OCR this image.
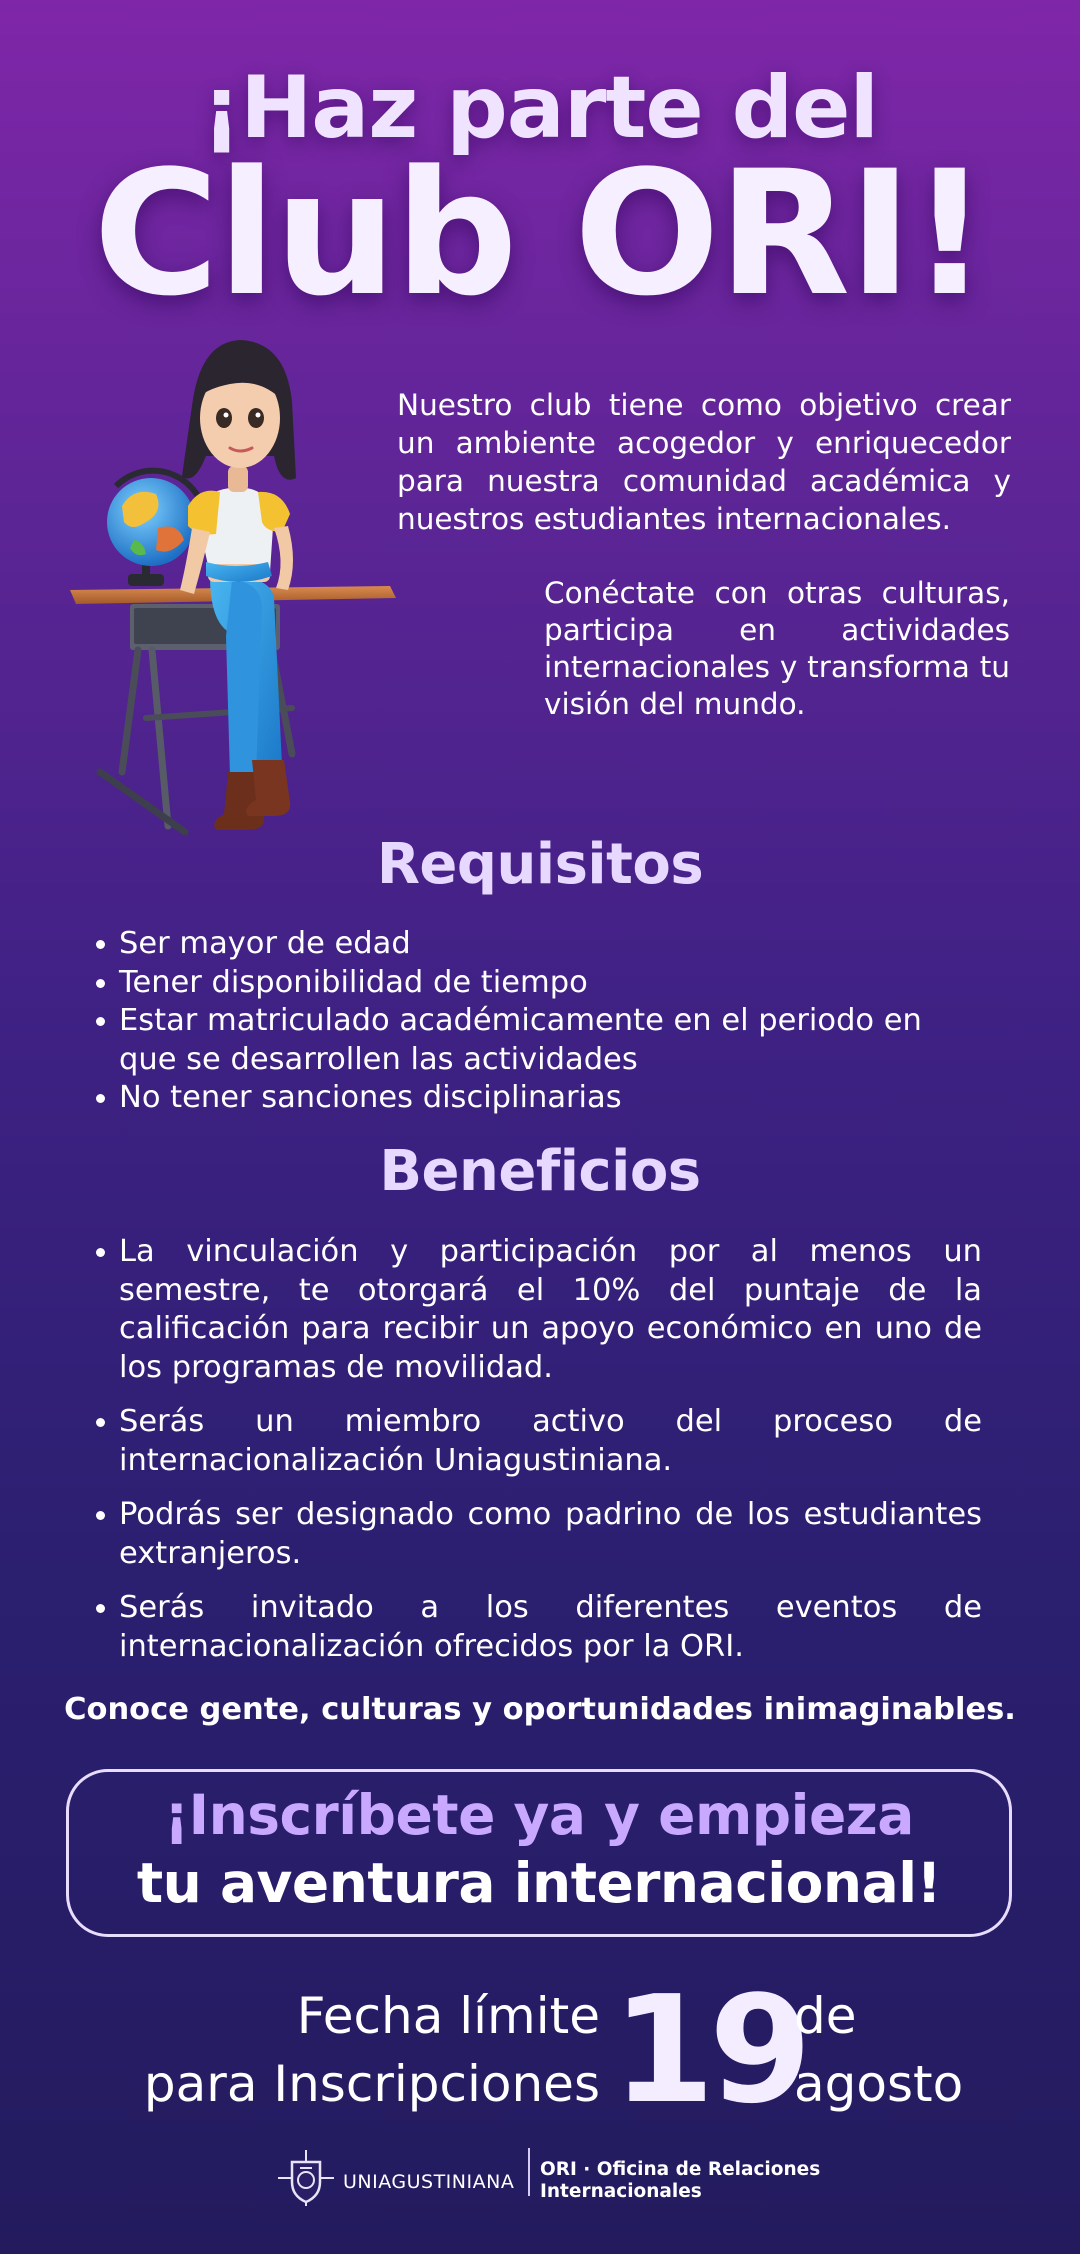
¡Haz parte del
Club ORI!
Nuestro club tiene como objetivo crear un ambiente acogedor y enriquecedor para nuestra comunidad académica y nuestros estudiantes internacionales.
Conéctate con otras culturas, participa en actividades internacionales y transforma tu visión del mundo.
Requisitos
Ser mayor de edad
Tener disponibilidad de tiempo
Estar matriculado académicamente en el periodo en que se desarrollen las actividades
No tener sanciones disciplinarias
Beneficios
La vinculación y participación por al menos un semestre, te otorgará el 10% del puntaje de la calificación para recibir un apoyo económico en uno de los programas de movilidad.
Serás un miembro activo del proceso de internacionalización Uniagustiniana.
Podrás ser designado como padrino de los estudiantes extranjeros.
Serás invitado a los diferentes eventos de internacionalización ofrecidos por la ORI.
Conoce gente, culturas y oportunidades inimaginables.
¡Inscríbete ya y empieza
tu aventura internacional!
Fecha límite
para Inscripciones 19
de
agosto
UNIAGUSTINIANA
ORI · Oficina de Relaciones
Internacionales
